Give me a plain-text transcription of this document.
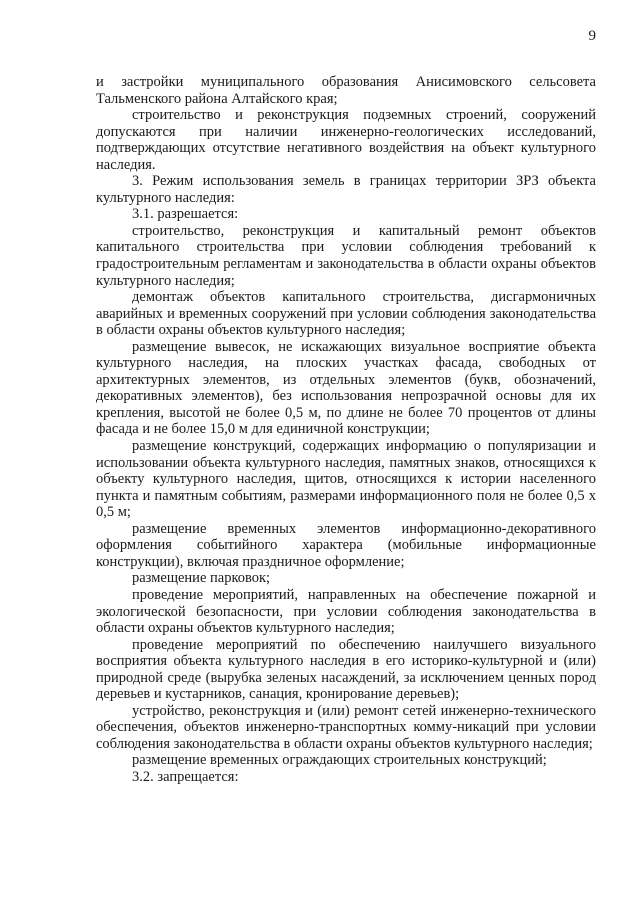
9

и застройки муниципального образования Анисимовского сельсовета Тальменского района Алтайского края;

строительство и реконструкция подземных строений, сооружений допускаются при наличии инженерно-геологических исследований, подтверждающих отсутствие негативного воздействия на объект культурного наследия.

3. Режим использования земель в границах территории ЗРЗ объекта культурного наследия:

3.1. разрешается:

строительство, реконструкция и капитальный ремонт объектов капитального строительства при условии соблюдения требований к градостроительным регламентам и законодательства в области охраны объектов культурного наследия;

демонтаж объектов капитального строительства, дисгармоничных аварийных и временных сооружений при условии соблюдения законодательства в области охраны объектов культурного наследия;

размещение вывесок, не искажающих визуальное восприятие объекта культурного наследия, на плоских участках фасада, свободных от архитектурных элементов, из отдельных элементов (букв, обозначений, декоративных элементов), без использования непрозрачной основы для их крепления, высотой не более 0,5 м, по длине не более 70 процентов от длины фасада и не более 15,0 м для единичной конструкции;

размещение конструкций, содержащих информацию о популяризации и использовании объекта культурного наследия, памятных знаков, относящихся к объекту культурного наследия, щитов, относящихся к истории населенного пункта и памятным событиям, размерами информационного поля не более 0,5 х 0,5 м;

размещение временных элементов информационно-декоративного оформления событийного характера (мобильные информационные конструкции), включая праздничное оформление;

размещение парковок;

проведение мероприятий, направленных на обеспечение пожарной и экологической безопасности, при условии соблюдения законодательства в области охраны объектов культурного наследия;

проведение мероприятий по обеспечению наилучшего визуального восприятия объекта культурного наследия в его историко-культурной и (или) природной среде (вырубка зеленых насаждений, за исключением ценных пород деревьев и кустарников, санация, кронирование деревьев);

устройство, реконструкция и (или) ремонт сетей инженерно-технического обеспечения, объектов инженерно-транспортных комму-никаций при условии соблюдения законодательства в области охраны объектов культурного наследия;

размещение временных ограждающих строительных конструкций;

3.2. запрещается:
